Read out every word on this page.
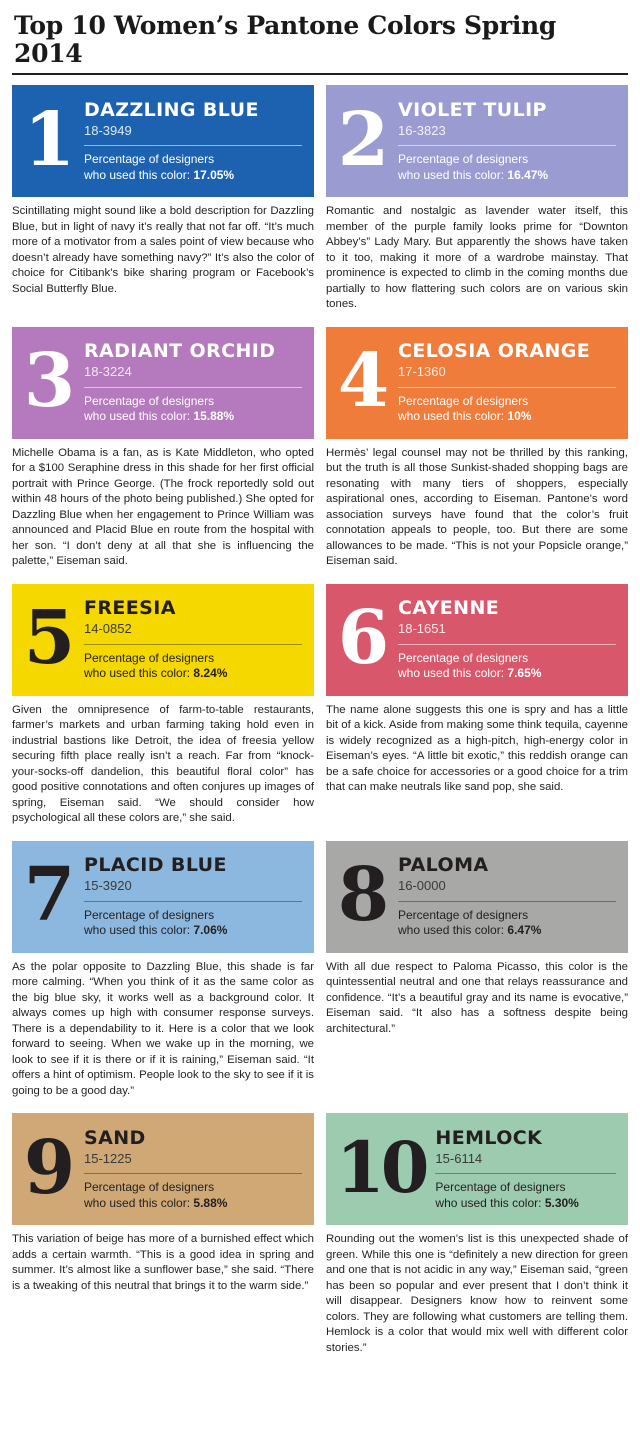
Top 10 Women’s Pantone Colors Spring 2014
1 DAZZLING BLUE
18-3949
Percentage of designers
who used this color: 17.05%
Scintillating might sound like a bold description for Dazzling Blue, but in light of navy it’s really that not far off. “It’s much more of a motivator from a sales point of view because who doesn’t already have something navy?” It’s also the color of choice for Citibank’s bike sharing program or Facebook’s Social Butterfly Blue.
2 VIOLET TULIP
16-3823
Percentage of designers
who used this color: 16.47%
Romantic and nostalgic as lavender water itself, this member of the purple family looks prime for “Downton Abbey’s” Lady Mary. But apparently the shows have taken to it too, making it more of a wardrobe mainstay. That prominence is expected to climb in the coming months due partially to how flattering such colors are on various skin tones.
3 RADIANT ORCHID
18-3224
Percentage of designers
who used this color: 15.88%
Michelle Obama is a fan, as is Kate Middleton, who opted for a $100 Seraphine dress in this shade for her first official portrait with Prince George. (The frock reportedly sold out within 48 hours of the photo being published.) She opted for Dazzling Blue when her engagement to Prince William was announced and Placid Blue en route from the hospital with her son. “I don’t deny at all that she is influencing the palette,” Eiseman said.
4 CELOSIA ORANGE
17-1360
Percentage of designers
who used this color: 10%
Hermès’ legal counsel may not be thrilled by this ranking, but the truth is all those Sunkist-shaded shopping bags are resonating with many tiers of shoppers, especially aspirational ones, according to Eiseman. Pantone’s word association surveys have found that the color’s fruit connotation appeals to people, too. But there are some allowances to be made. “This is not your Popsicle orange,” Eiseman said.
5 FREESIA
14-0852
Percentage of designers
who used this color: 8.24%
Given the omnipresence of farm-to-table restaurants, farmer’s markets and urban farming taking hold even in industrial bastions like Detroit, the idea of freesia yellow securing fifth place really isn’t a reach. Far from “knock-your-socks-off dandelion, this beautiful floral color” has good positive connotations and often conjures up images of spring, Eiseman said. “We should consider how psychological all these colors are,” she said.
6 CAYENNE
18-1651
Percentage of designers
who used this color: 7.65%
The name alone suggests this one is spry and has a little bit of a kick. Aside from making some think tequila, cayenne is widely recognized as a high-pitch, high-energy color in Eiseman’s eyes. “A little bit exotic,” this reddish orange can be a safe choice for accessories or a good choice for a trim that can make neutrals like sand pop, she said.
7 PLACID BLUE
15-3920
Percentage of designers
who used this color: 7.06%
As the polar opposite to Dazzling Blue, this shade is far more calming. “When you think of it as the same color as the big blue sky, it works well as a background color. It always comes up high with consumer response surveys. There is a dependability to it. Here is a color that we look forward to seeing. When we wake up in the morning, we look to see if it is there or if it is raining,” Eiseman said. “It offers a hint of optimism. People look to the sky to see if it is going to be a good day.”
8 PALOMA
16-0000
Percentage of designers
who used this color: 6.47%
With all due respect to Paloma Picasso, this color is the quintessential neutral and one that relays reassurance and confidence. “It’s a beautiful gray and its name is evocative,” Eiseman said. “It also has a softness despite being architectural.”
9 SAND
15-1225
Percentage of designers
who used this color: 5.88%
This variation of beige has more of a burnished effect which adds a certain warmth. “This is a good idea in spring and summer. It’s almost like a sunflower base,” she said. “There is a tweaking of this neutral that brings it to the warm side.”
10 HEMLOCK
15-6114
Percentage of designers
who used this color: 5.30%
Rounding out the women’s list is this unexpected shade of green. While this one is “definitely a new direction for green and one that is not acidic in any way,” Eiseman said, “green has been so popular and ever present that I don’t think it will disappear. Designers know how to reinvent some colors. They are following what customers are telling them. Hemlock is a color that would mix well with different color stories.”
